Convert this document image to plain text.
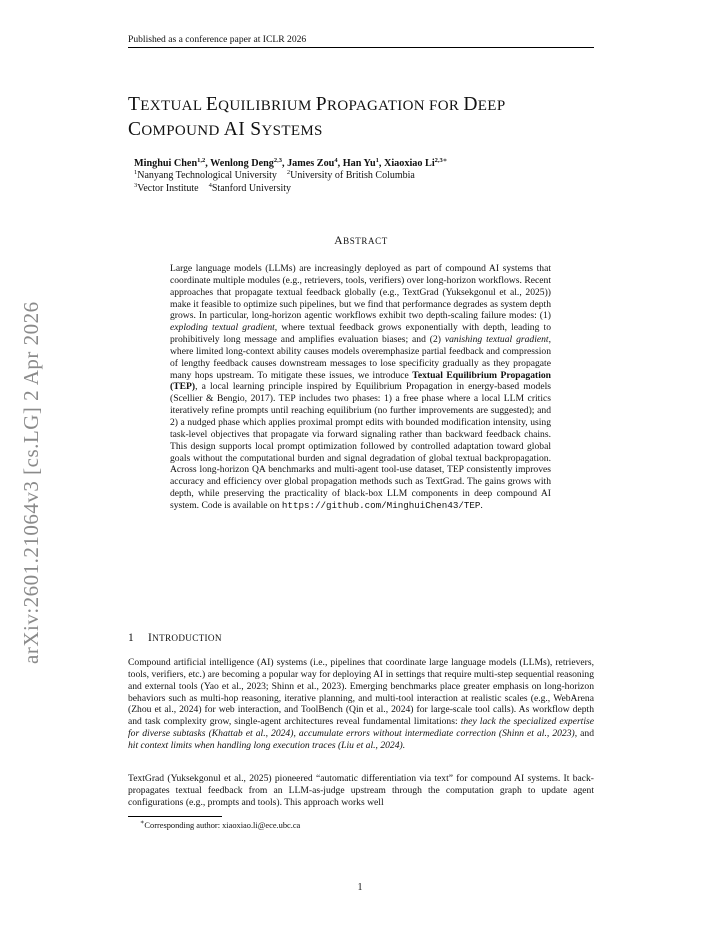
Published as a conference paper at ICLR 2026
arXiv:2601.21064v3 [cs.LG] 2 Apr 2026
TEXTUAL EQUILIBRIUM PROPAGATION FOR DEEP
COMPOUND AI SYSTEMS
Minghui Chen$^{1,2}$, Wenlong Deng$^{2,3}$, James Zou$^4$, Han Yu$^1$, Xiaoxiao $Li^{2,3∗}$
$^1$Nanyang Technological University $^2$University of British Columbia
$^3$Vector Institute $^4$Stanford University
ABSTRACT
Large language models (LLMs) are increasingly deployed as part of compound AI systems that coordinate multiple modules (e.g., retrievers, tools, verifiers) over long-horizon workflows. Recent approaches that propagate textual feedback globally (e.g., TextGrad (Yuksekgonul et al., 2025)) make it feasible to optimize such pipelines, but we find that performance degrades as system depth grows. In particular, long-horizon agentic workflows exhibit two depth-scaling failure modes: (1) exploding textual gradient, where textual feedback grows exponentially with depth, leading to prohibitively long message and amplifies evaluation biases; and (2) vanishing textual gradient, where limited long-context ability causes models overemphasize partial feedback and compression of lengthy feedback causes downstream messages to lose specificity gradually as they propagate many hops upstream. To mitigate these issues, we introduce Textual Equilibrium Propagation (TEP), a local learning principle inspired by Equilibrium Propagation in energy-based models (Scellier & Bengio, 2017). TEP includes two phases: 1) a free phase where a local LLM critics iteratively refine prompts until reaching equilibrium (no further improvements are suggested); and 2) a nudged phase which applies proximal prompt edits with bounded modification intensity, using task-level objectives that propagate via forward signaling rather than backward feedback chains. This design supports local prompt optimization followed by controlled adaptation toward global goals without the computational burden and signal degradation of global textual backpropagation. Across long-horizon QA benchmarks and multi-agent tool-use dataset, TEP consistently improves accuracy and efficiency over global propagation methods such as TextGrad. The gains grows with depth, while preserving the practicality of black-box LLM components in deep compound AI system. Code is available on https://github.com/MinghuiChen43/TEP.
1 INTRODUCTION
Compound artificial intelligence (AI) systems (i.e., pipelines that coordinate large language models (LLMs), retrievers, tools, verifiers, etc.) are becoming a popular way for deploying AI in settings that require multi-step sequential reasoning and external tools (Yao et al., 2023; Shinn et al., 2023). Emerging benchmarks place greater emphasis on long-horizon behaviors such as multi-hop reasoning, iterative planning, and multi-tool interaction at realistic scales (e.g., WebArena (Zhou et al., 2024) for web interaction, and ToolBench (Qin et al., 2024) for large-scale tool calls). As workflow depth and task complexity grow, single-agent architectures reveal fundamental limitations: they lack the specialized expertise for diverse subtasks (Khattab et al., 2024), accumulate errors without intermediate correction (Shinn et al., 2023), and hit context limits when handling long execution traces (Liu et al., 2024).
TextGrad (Yuksekgonul et al., 2025) pioneered “automatic differentiation via text” for compound AI systems. It back-propagates textual feedback from an LLM-as-judge upstream through the computation graph to update agent configurations (e.g., prompts and tools). This approach works well
∗Corresponding author: xiaoxiao.li@ece.ubc.ca
1
